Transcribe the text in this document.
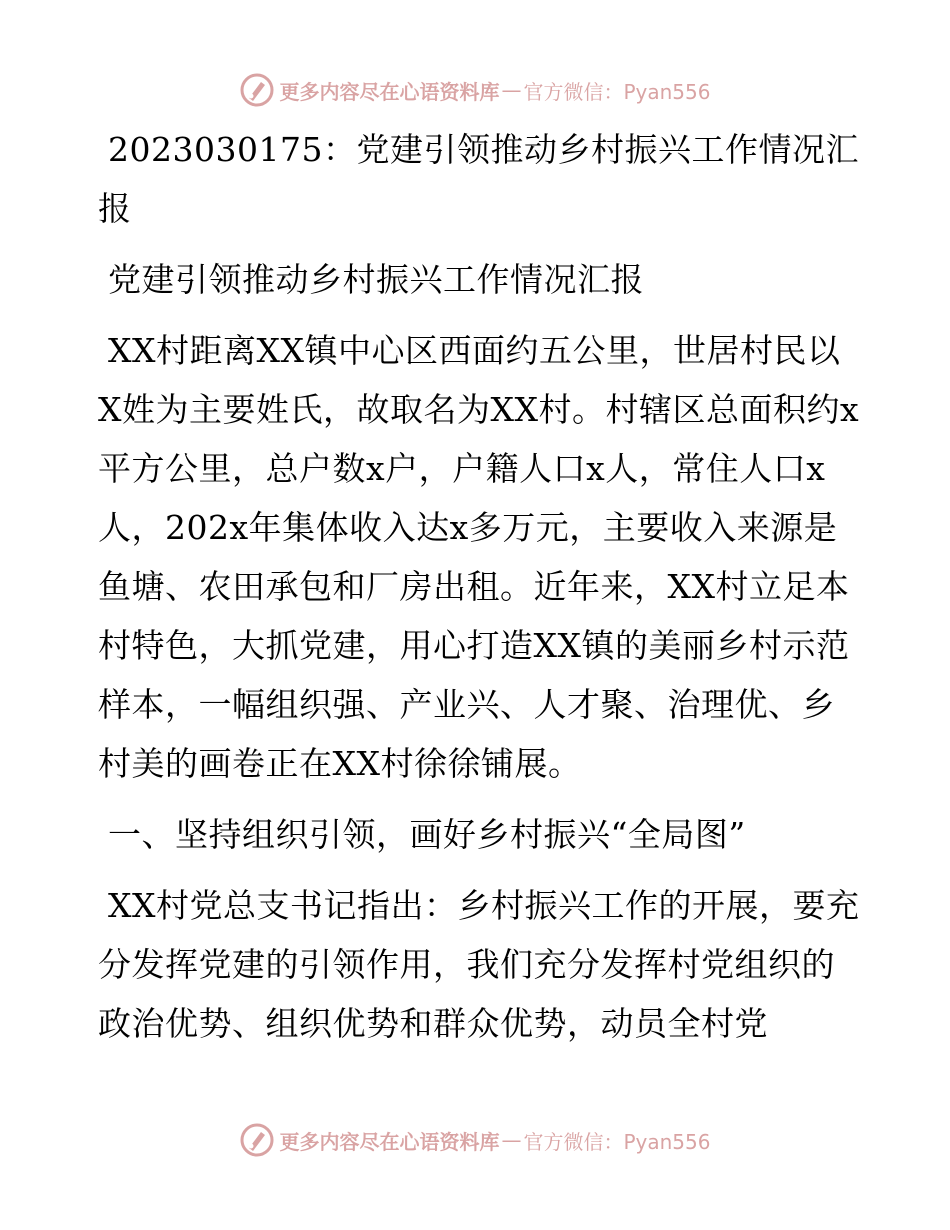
更多内容尽在心语资料库 — 官方微信：Pyan556

2023030175：党建引领推动乡村振兴工作情况汇报

党建引领推动乡村振兴工作情况汇报

XX村距离XX镇中心区西面约五公里，世居村民以X姓为主要姓氏，故取名为XX村。村辖区总面积约x平方公里，总户数x户，户籍人口x人，常住人口x人，202x年集体收入达x多万元，主要收入来源是鱼塘、农田承包和厂房出租。近年来，XX村立足本村特色，大抓党建，用心打造XX镇的美丽乡村示范样本，一幅组织强、产业兴、人才聚、治理优、乡村美的画卷正在XX村徐徐铺展。

一、坚持组织引领，画好乡村振兴“全局图”

XX村党总支书记指出：乡村振兴工作的开展，要充分发挥党建的引领作用，我们充分发挥村党组织的政治优势、组织优势和群众优势，动员全村党

更多内容尽在心语资料库 — 官方微信：Pyan556
